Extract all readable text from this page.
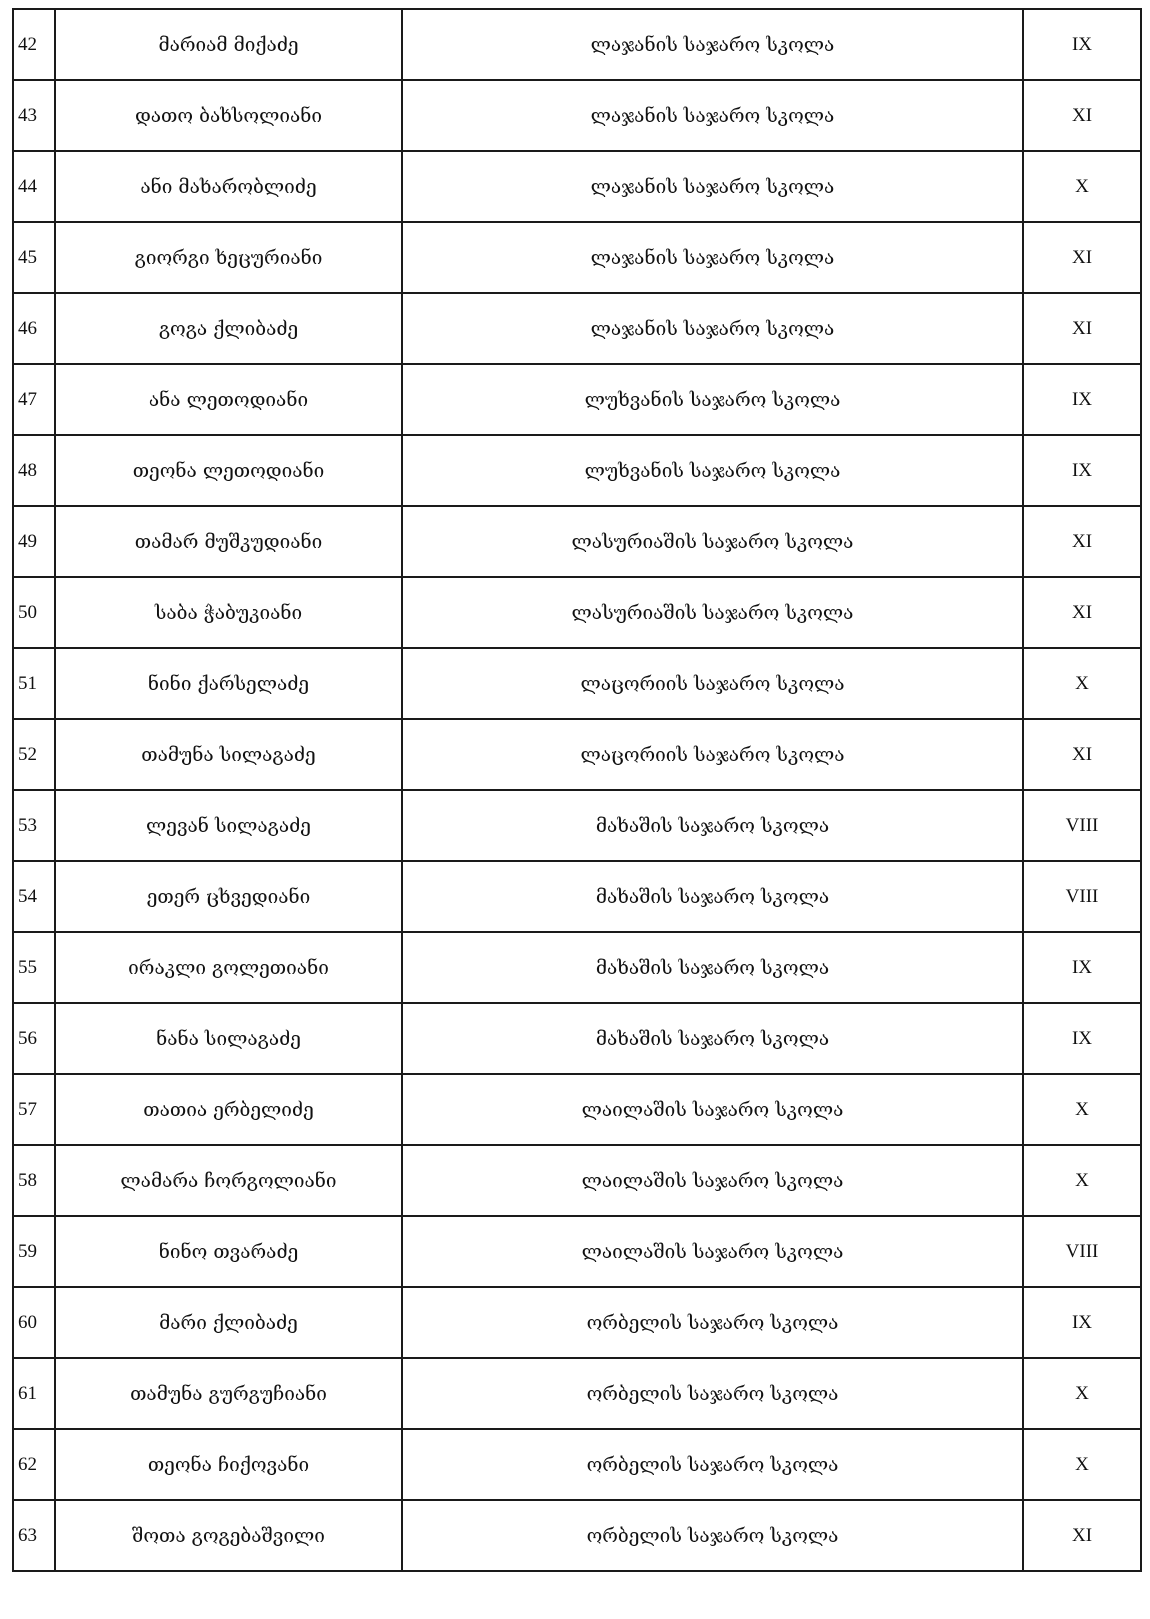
42	მარიამ მიქაძე	ლაჯანის საჯარო სკოლა	IX
43	დათო ბახსოლიანი	ლაჯანის საჯარო სკოლა	XI
44	ანი მახარობლიძე	ლაჯანის საჯარო სკოლა	X
45	გიორგი ხეცურიანი	ლაჯანის საჯარო სკოლა	XI
46	გოგა ქლიბაძე	ლაჯანის საჯარო სკოლა	XI
47	ანა ლეთოდიანი	ლუხვანის საჯარო სკოლა	IX
48	თეონა ლეთოდიანი	ლუხვანის საჯარო სკოლა	IX
49	თამარ მუშკუდიანი	ლასურიაშის საჯარო სკოლა	XI
50	საბა ჭაბუკიანი	ლასურიაშის საჯარო სკოლა	XI
51	ნინი ქარსელაძე	ლაცორიის საჯარო სკოლა	X
52	თამუნა სილაგაძე	ლაცორიის საჯარო სკოლა	XI
53	ლევან სილაგაძე	მახაშის საჯარო სკოლა	VIII
54	ეთერ ცხვედიანი	მახაშის საჯარო სკოლა	VIII
55	ირაკლი გოლეთიანი	მახაშის საჯარო სკოლა	IX
56	ნანა სილაგაძე	მახაშის საჯარო სკოლა	IX
57	თათია ერბელიძე	ლაილაშის საჯარო სკოლა	X
58	ლამარა ჩორგოლიანი	ლაილაშის საჯარო სკოლა	X
59	ნინო თვარაძე	ლაილაშის საჯარო სკოლა	VIII
60	მარი ქლიბაძე	ორბელის საჯარო სკოლა	IX
61	თამუნა გურგუჩიანი	ორბელის საჯარო სკოლა	X
62	თეონა ჩიქოვანი	ორბელის საჯარო სკოლა	X
63	შოთა გოგებაშვილი	ორბელის საჯარო სკოლა	XI
